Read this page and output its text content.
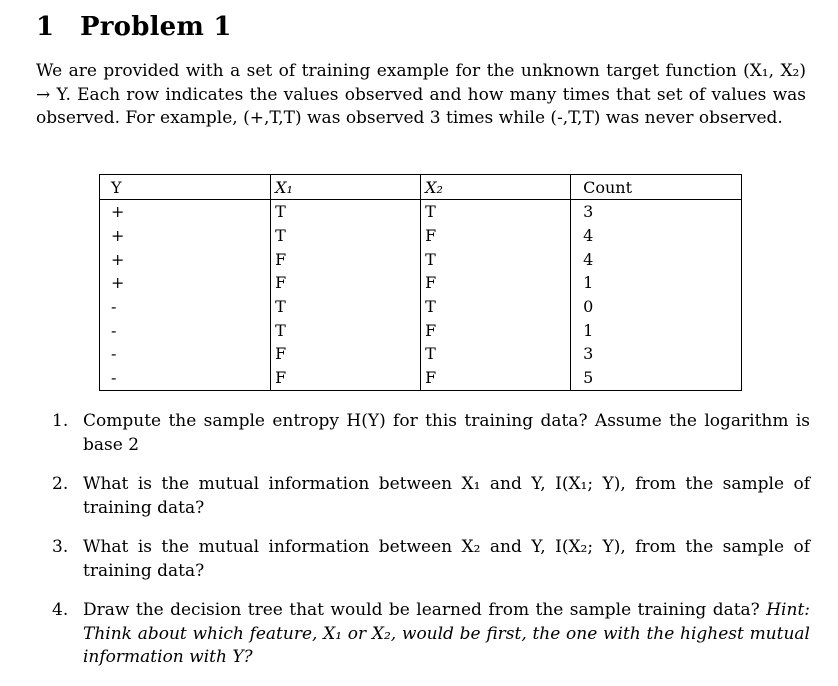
1 Problem 1
We are provided with a set of training example for the unknown target function (X₁, X₂)
→ Y. Each row indicates the values observed and how many times that set of values was
observed. For example, (+,T,T) was observed 3 times while (-,T,T) was never observed.
Y	X₁	X₂	Count
+	T	T	3
+	T	F	4
+	F	T	4
+	F	F	1
-	T	T	0
-	T	F	1
-	F	T	3
-	F	F	5
1. Compute the sample entropy H(Y) for this training data? Assume the logarithm is base 2
2. What is the mutual information between X₁ and Y, I(X₁; Y), from the sample of training data?
3. What is the mutual information between X₂ and Y, I(X₂; Y), from the sample of training data?
4. Draw the decision tree that would be learned from the sample training data? Hint: Think about which feature, X₁ or X₂, would be first, the one with the highest mutual information with Y?
